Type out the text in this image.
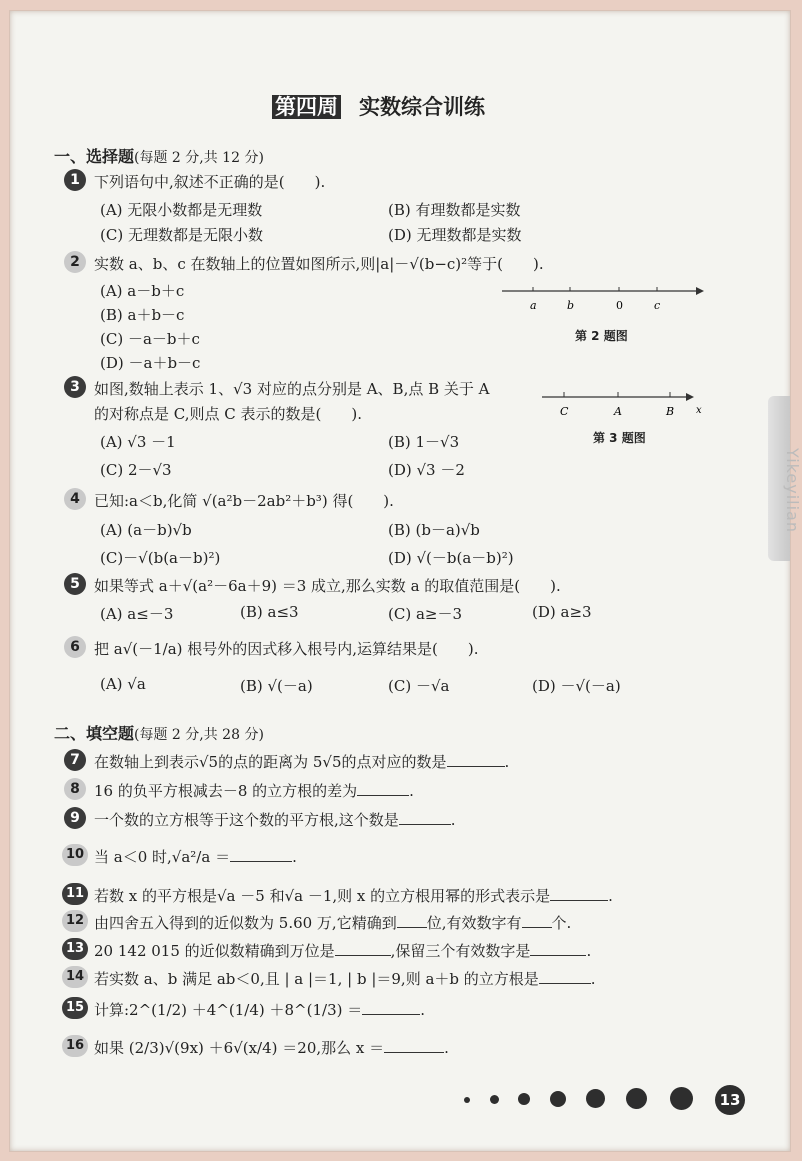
第四周 实数综合训练
一、选择题(每题 2 分,共 12 分)
1 下列语句中,叙述不正确的是(　　).
(A) 无限小数都是无理数	(B) 有理数都是实数
(C) 无理数都是无限小数	(D) 无理数都是实数
2 实数 a、b、c 在数轴上的位置如图所示,则|a|－√(b−c)²等于(　　).
(A) a－b＋c
(B) a＋b－c
(C) －a－b＋c
(D) －a＋b－c
a	b	0	c
第 2 题图
3 如图,数轴上表示 1、√3 对应的点分别是 A、B,点 B 关于 A
的对称点是 C,则点 C 表示的数是(　　).
(A) √3 －1	(B) 1－√3
(C) 2－√3	(D) √3 －2
C	A	B x
第 3 题图
4 已知:a＜b,化简 √(a²b－2ab²＋b³) 得(　　).
(A) (a－b)√b	(B) (b－a)√b
(C)－√(b(a－b)²)	(D) √(－b(a－b)²)
5 如果等式 a＋√(a²－6a＋9) ＝3 成立,那么实数 a 的取值范围是(　　).
(A) a≤－3	(B) a≤3	(C) a≥－3	(D) a≥3
6 把 a√(－1/a) 根号外的因式移入根号内,运算结果是(　　).
(A) √a	(B) √(－a)	(C) －√a	(D) －√(－a)
二、填空题(每题 2 分,共 28 分)
7 在数轴上到表示√5的点的距离为 5√5的点对应的数是	.
8 16 的负平方根减去－8 的立方根的差为	.
9 一个数的立方根等于这个数的平方根,这个数是	.
10 当 a＜0 时,√a²/a ＝	.
11 若数 x 的平方根是√a －5 和√a －1,则 x 的立方根用幂的形式表示是	.
12 由四舍五入得到的近似数为 5.60 万,它精确到 位,有效数字有 个.
13 20 142 015 的近似数精确到万位是	,保留三个有效数字是	.
14 若实数 a、b 满足 ab＜0,且 | a |＝1, | b |＝9,则 a＋b 的立方根是	.
15 计算:2^(1/2) ＋4^(1/4) ＋8^(1/3) ＝	.
16 如果 (2/3)√(9x) ＋6√(x/4) ＝20,那么 x ＝	.
Yikeyilian
13
